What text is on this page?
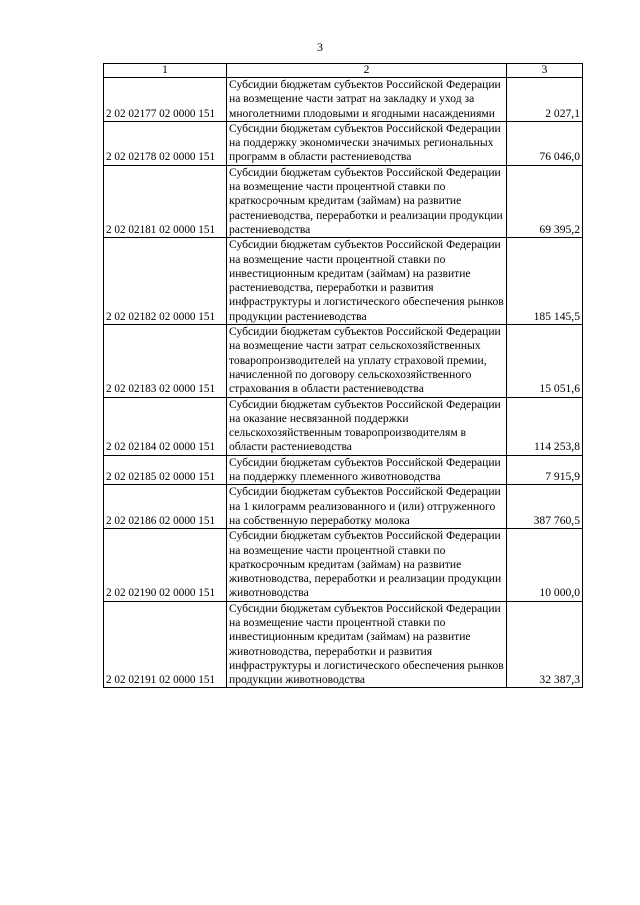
3
1	2	3
2 02 02177 02 0000 151	Субсидии бюджетам субъектов Российской Федерации на возмещение части затрат на закладку и уход за многолетними плодовыми и ягодными насаждениями	2 027,1
2 02 02178 02 0000 151	Субсидии бюджетам субъектов Российской Федерации на поддержку экономически значимых региональных программ в области растениеводства	76 046,0
2 02 02181 02 0000 151	Субсидии бюджетам субъектов Российской Федерации на возмещение части процентной ставки по краткосрочным кредитам (займам) на развитие растениеводства, переработки и реализации продукции растениеводства	69 395,2
2 02 02182 02 0000 151	Субсидии бюджетам субъектов Российской Федерации на возмещение части процентной ставки по инвестиционным кредитам (займам) на развитие растениеводства, переработки и развития инфраструктуры и логистического обеспечения рынков продукции растениеводства	185 145,5
2 02 02183 02 0000 151	Субсидии бюджетам субъектов Российской Федерации на возмещение части затрат сельскохозяйственных товаропроизводителей на уплату страховой премии, начисленной по договору сельскохозяйственного страхования в области растениеводства	15 051,6
2 02 02184 02 0000 151	Субсидии бюджетам субъектов Российской Федерации на оказание несвязанной поддержки сельскохозяйственным товаропроизводителям в области растениеводства	114 253,8
2 02 02185 02 0000 151	Субсидии бюджетам субъектов Российской Федерации на поддержку племенного животноводства	7 915,9
2 02 02186 02 0000 151	Субсидии бюджетам субъектов Российской Федерации на 1 килограмм реализованного и (или) отгруженного на собственную переработку молока	387 760,5
2 02 02190 02 0000 151	Субсидии бюджетам субъектов Российской Федерации на возмещение части процентной ставки по краткосрочным кредитам (займам) на развитие животноводства, переработки и реализации продукции животноводства	10 000,0
2 02 02191 02 0000 151	Субсидии бюджетам субъектов Российской Федерации на возмещение части процентной ставки по инвестиционным кредитам (займам) на развитие животноводства, переработки и развития инфраструктуры и логистического обеспечения рынков продукции животноводства	32 387,3
